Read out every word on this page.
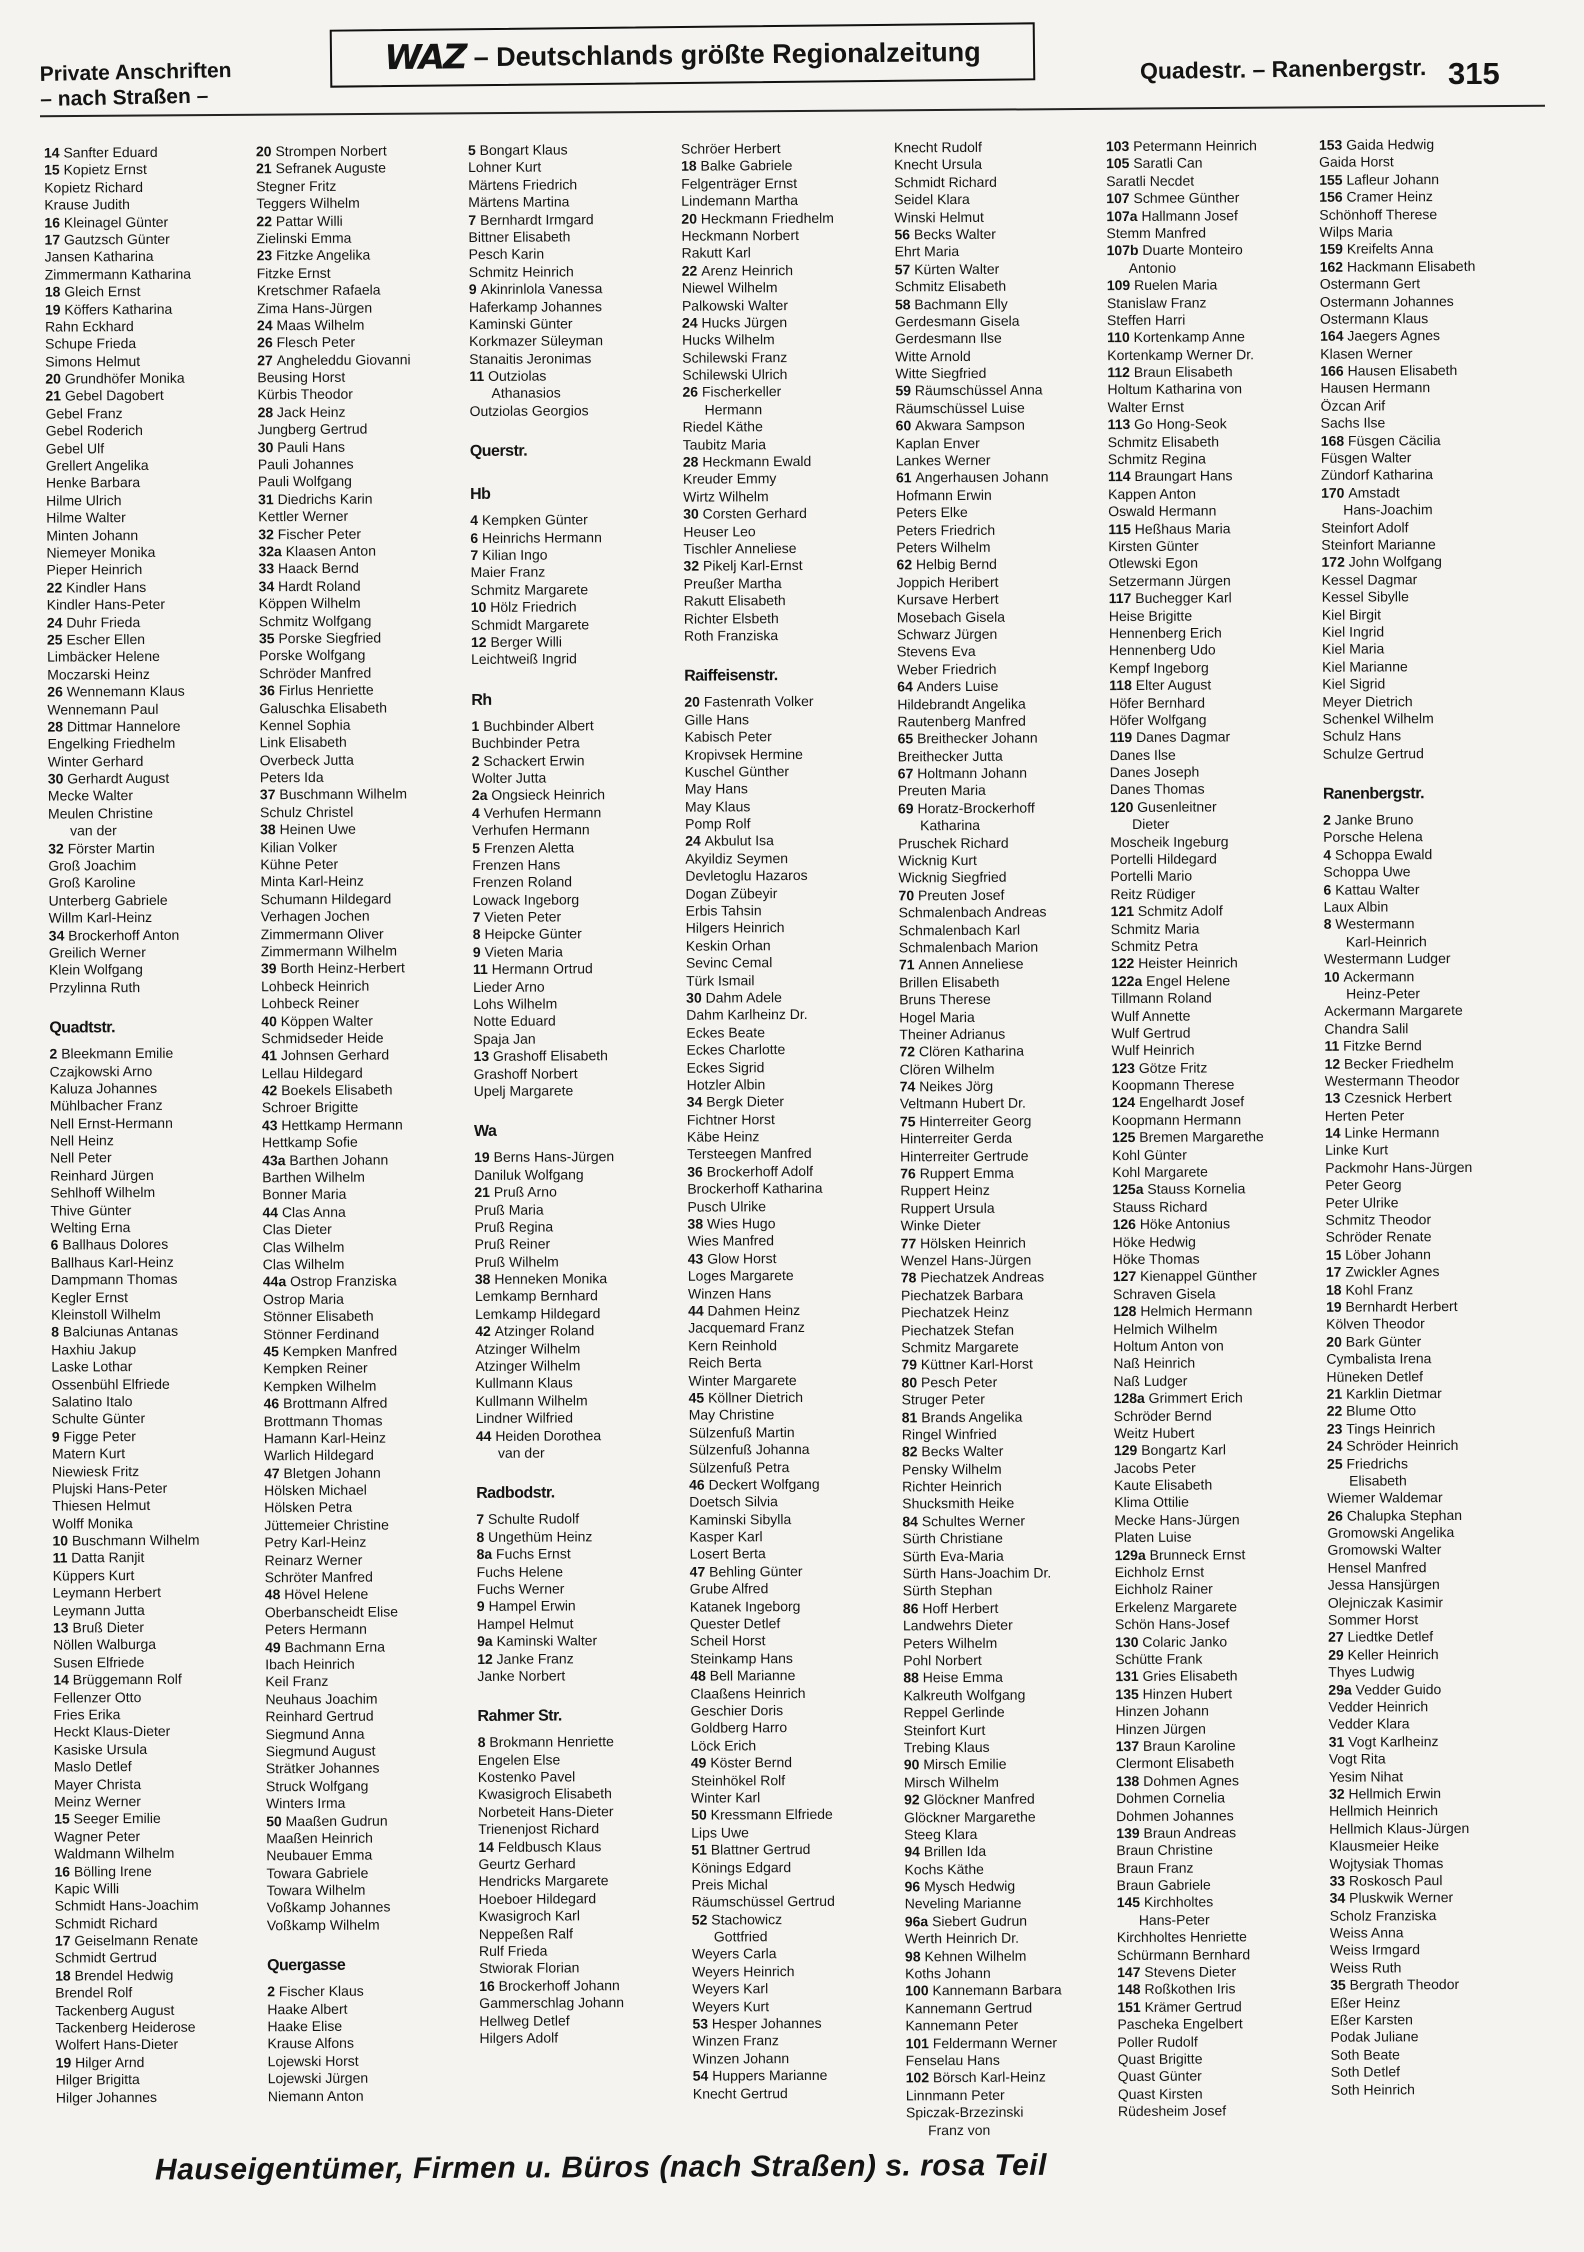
Private Anschriften
– nach Straßen –
WAZ – Deutschlands größte Regionalzeitung	Quadestr. – Ranenbergstr. 315
14 Sanfter Eduard
15 Kopietz Ernst
Kopietz Richard
Krause Judith
16 Kleinagel Günter
17 Gautzsch Günter
Jansen Katharina
Zimmermann Katharina
18 Gleich Ernst
19 Köffers Katharina
Rahn Eckhard
Schupe Frieda
Simons Helmut
20 Grundhöfer Monika
21 Gebel Dagobert
Gebel Franz
Gebel Roderich
Gebel Ulf
Grellert Angelika
Henke Barbara
Hilme Ulrich
Hilme Walter
Minten Johann
Niemeyer Monika
Pieper Heinrich
22 Kindler Hans
Kindler Hans-Peter
24 Duhr Frieda
25 Escher Ellen
Limbäcker Helene
Moczarski Heinz
26 Wennemann Klaus
Wennemann Paul
28 Dittmar Hannelore
Engelking Friedhelm
Winter Gerhard
30 Gerhardt August
Mecke Walter
Meulen Christine
van der
32 Förster Martin
Groß Joachim
Groß Karoline
Unterberg Gabriele
Willm Karl-Heinz
34 Brockerhoff Anton
Greilich Werner
Klein Wolfgang
Przylinna Ruth
Quadtstr.
2 Bleekmann Emilie
Czajkowski Arno
Kaluza Johannes
Mühlbacher Franz
Nell Ernst-Hermann
Nell Heinz
Nell Peter
Reinhard Jürgen
Sehlhoff Wilhelm
Thive Günter
Welting Erna
6 Ballhaus Dolores
Ballhaus Karl-Heinz
Dampmann Thomas
Kegler Ernst
Kleinstoll Wilhelm
8 Balciunas Antanas
Haxhiu Jakup
Laske Lothar
Ossenbühl Elfriede
Salatino Italo
Schulte Günter
9 Figge Peter
Matern Kurt
Niewiesk Fritz
Plujski Hans-Peter
Thiesen Helmut
Wolff Monika
10 Buschmann Wilhelm
11 Datta Ranjit
Küppers Kurt
Leymann Herbert
Leymann Jutta
13 Bruß Dieter
Nöllen Walburga
Susen Elfriede
14 Brüggemann Rolf
Fellenzer Otto
Fries Erika
Heckt Klaus-Dieter
Kasiske Ursula
Maslo Detlef
Mayer Christa
Meinz Werner
15 Seeger Emilie
Wagner Peter
Waldmann Wilhelm
16 Bölling Irene
Kapic Willi
Schmidt Hans-Joachim
Schmidt Richard
17 Geiselmann Renate
Schmidt Gertrud
18 Brendel Hedwig
Brendel Rolf
Tackenberg August
Tackenberg Heiderose
Wolfert Hans-Dieter
19 Hilger Arnd
Hilger Brigitta
Hilger Johannes
20 Strompen Norbert
21 Sefranek Auguste
Stegner Fritz
Teggers Wilhelm
22 Pattar Willi
Zielinski Emma
23 Fitzke Angelika
Fitzke Ernst
Kretschmer Rafaela
Zima Hans-Jürgen
24 Maas Wilhelm
26 Flesch Peter
27 Angheleddu Giovanni
Beusing Horst
Kürbis Theodor
28 Jack Heinz
Jungberg Gertrud
30 Pauli Hans
Pauli Johannes
Pauli Wolfgang
31 Diedrichs Karin
Kettler Werner
32 Fischer Peter
32a Klaasen Anton
33 Haack Bernd
34 Hardt Roland
Köppen Wilhelm
Schmitz Wolfgang
35 Porske Siegfried
Porske Wolfgang
Schröder Manfred
36 Firlus Henriette
Galuschka Elisabeth
Kennel Sophia
Link Elisabeth
Overbeck Jutta
Peters Ida
37 Buschmann Wilhelm
Schulz Christel
38 Heinen Uwe
Kilian Volker
Kühne Peter
Minta Karl-Heinz
Schumann Hildegard
Verhagen Jochen
Zimmermann Oliver
Zimmermann Wilhelm
39 Borth Heinz-Herbert
Lohbeck Heinrich
Lohbeck Reiner
40 Köppen Walter
Schmidseder Heide
41 Johnsen Gerhard
Lellau Hildegard
42 Boekels Elisabeth
Schroer Brigitte
43 Hettkamp Hermann
Hettkamp Sofie
43a Barthen Johann
Barthen Wilhelm
Bonner Maria
44 Clas Anna
Clas Dieter
Clas Wilhelm
Clas Wilhelm
44a Ostrop Franziska
Ostrop Maria
Stönner Elisabeth
Stönner Ferdinand
45 Kempken Manfred
Kempken Reiner
Kempken Wilhelm
46 Brottmann Alfred
Brottmann Thomas
Hamann Karl-Heinz
Warlich Hildegard
47 Bletgen Johann
Hölsken Michael
Hölsken Petra
Jüttemeier Christine
Petry Karl-Heinz
Reinarz Werner
Schröter Manfred
48 Hövel Helene
Oberbanscheidt Elise
Peters Hermann
49 Bachmann Erna
Ibach Heinrich
Keil Franz
Neuhaus Joachim
Reinhard Gertrud
Siegmund Anna
Siegmund August
Strätker Johannes
Struck Wolfgang
Winters Irma
50 Maaßen Gudrun
Maaßen Heinrich
Neubauer Emma
Towara Gabriele
Towara Wilhelm
Voßkamp Johannes
Voßkamp Wilhelm
Quergasse
2 Fischer Klaus
Haake Albert
Haake Elise
Krause Alfons
Lojewski Horst
Lojewski Jürgen
Niemann Anton
5 Bongart Klaus
Lohner Kurt
Märtens Friedrich
Märtens Martina
7 Bernhardt Irmgard
Bittner Elisabeth
Pesch Karin
Schmitz Heinrich
9 Akinrinlola Vanessa
Haferkamp Johannes
Kaminski Günter
Korkmazer Süleyman
Stanaitis Jeronimas
11 Outziolas
Athanasios
Outziolas Georgios
Querstr.
Hb
4 Kempken Günter
6 Heinrichs Hermann
7 Kilian Ingo
Maier Franz
Schmitz Margarete
10 Hölz Friedrich
Schmidt Margarete
12 Berger Willi
Leichtweiß Ingrid
Rh
1 Buchbinder Albert
Buchbinder Petra
2 Schackert Erwin
Wolter Jutta
2a Ongsieck Heinrich
4 Verhufen Hermann
Verhufen Hermann
5 Frenzen Aletta
Frenzen Hans
Frenzen Roland
Lowack Ingeborg
7 Vieten Peter
8 Heipcke Günter
9 Vieten Maria
11 Hermann Ortrud
Lieder Arno
Lohs Wilhelm
Notte Eduard
Spaja Jan
13 Grashoff Elisabeth
Grashoff Norbert
Upelj Margarete
Wa
19 Berns Hans-Jürgen
Daniluk Wolfgang
21 Pruß Arno
Pruß Maria
Pruß Regina
Pruß Reiner
Pruß Wilhelm
38 Henneken Monika
Lemkamp Bernhard
Lemkamp Hildegard
42 Atzinger Roland
Atzinger Wilhelm
Atzinger Wilhelm
Kullmann Klaus
Kullmann Wilhelm
Lindner Wilfried
44 Heiden Dorothea
van der
Radbodstr.
7 Schulte Rudolf
8 Ungethüm Heinz
8a Fuchs Ernst
Fuchs Helene
Fuchs Werner
9 Hampel Erwin
Hampel Helmut
9a Kaminski Walter
12 Janke Franz
Janke Norbert
Rahmer Str.
8 Brokmann Henriette
Engelen Else
Kostenko Pavel
Kwasigroch Elisabeth
Norbeteit Hans-Dieter
Trienenjost Richard
14 Feldbusch Klaus
Geurtz Gerhard
Hendricks Margarete
Hoeboer Hildegard
Kwasigroch Karl
Neppeßen Ralf
Rulf Frieda
Stwiorak Florian
16 Brockerhoff Johann
Gammerschlag Johann
Hellweg Detlef
Hilgers Adolf
Schröer Herbert
18 Balke Gabriele
Felgenträger Ernst
Lindemann Martha
20 Heckmann Friedhelm
Heckmann Norbert
Rakutt Karl
22 Arenz Heinrich
Niewel Wilhelm
Palkowski Walter
24 Hucks Jürgen
Hucks Wilhelm
Schilewski Franz
Schilewski Ulrich
26 Fischerkeller
Hermann
Riedel Käthe
Taubitz Maria
28 Heckmann Ewald
Kreuder Emmy
Wirtz Wilhelm
30 Corsten Gerhard
Heuser Leo
Tischler Anneliese
32 Pikelj Karl-Ernst
Preußer Martha
Rakutt Elisabeth
Richter Elsbeth
Roth Franziska
Raiffeisenstr.
20 Fastenrath Volker
Gille Hans
Kabisch Peter
Kropivsek Hermine
Kuschel Günther
May Hans
May Klaus
Pomp Rolf
24 Akbulut Isa
Akyildiz Seymen
Devletoglu Hazaros
Dogan Zübeyir
Erbis Tahsin
Hilgers Heinrich
Keskin Orhan
Sevinc Cemal
Türk Ismail
30 Dahm Adele
Dahm Karlheinz Dr.
Eckes Beate
Eckes Charlotte
Eckes Sigrid
Hotzler Albin
34 Bergk Dieter
Fichtner Horst
Käbe Heinz
Tersteegen Manfred
36 Brockerhoff Adolf
Brockerhoff Katharina
Pusch Ulrike
38 Wies Hugo
Wies Manfred
43 Glow Horst
Loges Margarete
Winzen Hans
44 Dahmen Heinz
Jacquemard Franz
Kern Reinhold
Reich Berta
Winter Margarete
45 Köllner Dietrich
May Christine
Sülzenfuß Martin
Sülzenfuß Johanna
Sülzenfuß Petra
46 Deckert Wolfgang
Doetsch Silvia
Kaminski Sibylla
Kasper Karl
Losert Berta
47 Behling Günter
Grube Alfred
Katanek Ingeborg
Quester Detlef
Scheil Horst
Steinkamp Hans
48 Bell Marianne
Claaßens Heinrich
Geschier Doris
Goldberg Harro
Löck Erich
49 Köster Bernd
Steinhökel Rolf
Winter Karl
50 Kressmann Elfriede
Lips Uwe
51 Blattner Gertrud
Könings Edgard
Preis Michal
Räumschüssel Gertrud
52 Stachowicz
Gottfried
Weyers Carla
Weyers Heinrich
Weyers Karl
Weyers Kurt
53 Hesper Johannes
Winzen Franz
Winzen Johann
54 Huppers Marianne
Knecht Gertrud
Knecht Rudolf
Knecht Ursula
Schmidt Richard
Seidel Klara
Winski Helmut
56 Becks Walter
Ehrt Maria
57 Kürten Walter
Schmitz Elisabeth
58 Bachmann Elly
Gerdesmann Gisela
Gerdesmann Ilse
Witte Arnold
Witte Siegfried
59 Räumschüssel Anna
Räumschüssel Luise
60 Akwara Sampson
Kaplan Enver
Lankes Werner
61 Angerhausen Johann
Hofmann Erwin
Peters Elke
Peters Friedrich
Peters Wilhelm
62 Helbig Bernd
Joppich Heribert
Kursave Herbert
Mosebach Gisela
Schwarz Jürgen
Stevens Eva
Weber Friedrich
64 Anders Luise
Hildebrandt Angelika
Rautenberg Manfred
65 Breithecker Johann
Breithecker Jutta
67 Holtmann Johann
Preuten Maria
69 Horatz-Brockerhoff
Katharina
Pruschek Richard
Wicknig Kurt
Wicknig Siegfried
70 Preuten Josef
Schmalenbach Andreas
Schmalenbach Karl
Schmalenbach Marion
71 Annen Anneliese
Brillen Elisabeth
Bruns Therese
Hogel Maria
Theiner Adrianus
72 Clören Katharina
Clören Wilhelm
74 Neikes Jörg
Veltmann Hubert Dr.
75 Hinterreiter Georg
Hinterreiter Gerda
Hinterreiter Gertrude
76 Ruppert Emma
Ruppert Heinz
Ruppert Ursula
Winke Dieter
77 Hölsken Heinrich
Wenzel Hans-Jürgen
78 Piechatzek Andreas
Piechatzek Barbara
Piechatzek Heinz
Piechatzek Stefan
Schmitz Margarete
79 Küttner Karl-Horst
80 Pesch Peter
Struger Peter
81 Brands Angelika
Ringel Winfried
82 Becks Walter
Pensky Wilhelm
Richter Heinrich
Shucksmith Heike
84 Schultes Werner
Sürth Christiane
Sürth Eva-Maria
Sürth Hans-Joachim Dr.
Sürth Stephan
86 Hoff Herbert
Landwehrs Dieter
Peters Wilhelm
Pohl Norbert
88 Heise Emma
Kalkreuth Wolfgang
Reppel Gerlinde
Steinfort Kurt
Trebing Klaus
90 Mirsch Emilie
Mirsch Wilhelm
92 Glöckner Manfred
Glöckner Margarethe
Steeg Klara
94 Brillen Ida
Kochs Käthe
96 Mysch Hedwig
Neveling Marianne
96a Siebert Gudrun
Werth Heinrich Dr.
98 Kehnen Wilhelm
Koths Johann
100 Kannemann Barbara
Kannemann Gertrud
Kannemann Peter
101 Feldermann Werner
Fenselau Hans
102 Börsch Karl-Heinz
Linnmann Peter
Spiczak-Brzezinski
Franz von
103 Petermann Heinrich
105 Saratli Can
Saratli Necdet
107 Schmee Günther
107a Hallmann Josef
Stemm Manfred
107b Duarte Monteiro
Antonio
109 Ruelen Maria
Stanislaw Franz
Steffen Harri
110 Kortenkamp Anne
Kortenkamp Werner Dr.
112 Braun Elisabeth
Holtum Katharina von
Walter Ernst
113 Go Hong-Seok
Schmitz Elisabeth
Schmitz Regina
114 Braungart Hans
Kappen Anton
Oswald Hermann
115 Heßhaus Maria
Kirsten Günter
Otlewski Egon
Setzermann Jürgen
117 Buchegger Karl
Heise Brigitte
Hennenberg Erich
Hennenberg Udo
Kempf Ingeborg
118 Elter August
Höfer Bernhard
Höfer Wolfgang
119 Danes Dagmar
Danes Ilse
Danes Joseph
Danes Thomas
120 Gusenleitner
Dieter
Moscheik Ingeburg
Portelli Hildegard
Portelli Mario
Reitz Rüdiger
121 Schmitz Adolf
Schmitz Maria
Schmitz Petra
122 Heister Heinrich
122a Engel Helene
Tillmann Roland
Wulf Annette
Wulf Gertrud
Wulf Heinrich
123 Götze Fritz
Koopmann Therese
124 Engelhardt Josef
Koopmann Hermann
125 Bremen Margarethe
Kohl Günter
Kohl Margarete
125a Stauss Kornelia
Stauss Richard
126 Höke Antonius
Höke Hedwig
Höke Thomas
127 Kienappel Günther
Schraven Gisela
128 Helmich Hermann
Helmich Wilhelm
Holtum Anton von
Naß Heinrich
Naß Ludger
128a Grimmert Erich
Schröder Bernd
Weitz Hubert
129 Bongartz Karl
Jacobs Peter
Kaute Elisabeth
Klima Ottilie
Mecke Hans-Jürgen
Platen Luise
129a Brunneck Ernst
Eichholz Ernst
Eichholz Rainer
Erkelenz Margarete
Schön Hans-Josef
130 Colaric Janko
Schütte Frank
131 Gries Elisabeth
135 Hinzen Hubert
Hinzen Johann
Hinzen Jürgen
137 Braun Karoline
Clermont Elisabeth
138 Dohmen Agnes
Dohmen Cornelia
Dohmen Johannes
139 Braun Andreas
Braun Christine
Braun Franz
Braun Gabriele
145 Kirchholtes
Hans-Peter
Kirchholtes Henriette
Schürmann Bernhard
147 Stevens Dieter
148 Roßkothen Iris
151 Krämer Gertrud
Pascheka Engelbert
Poller Rudolf
Quast Brigitte
Quast Günter
Quast Kirsten
Rüdesheim Josef
153 Gaida Hedwig
Gaida Horst
155 Lafleur Johann
156 Cramer Heinz
Schönhoff Therese
Wilps Maria
159 Kreifelts Anna
162 Hackmann Elisabeth
Ostermann Gert
Ostermann Johannes
Ostermann Klaus
164 Jaegers Agnes
Klasen Werner
166 Hausen Elisabeth
Hausen Hermann
Özcan Arif
Sachs Ilse
168 Füsgen Cäcilia
Füsgen Walter
Zündorf Katharina
170 Amstadt
Hans-Joachim
Steinfort Adolf
Steinfort Marianne
172 John Wolfgang
Kessel Dagmar
Kessel Sibylle
Kiel Birgit
Kiel Ingrid
Kiel Maria
Kiel Marianne
Kiel Sigrid
Meyer Dietrich
Schenkel Wilhelm
Schulz Hans
Schulze Gertrud
Ranenbergstr.
2 Janke Bruno
Porsche Helena
4 Schoppa Ewald
Schoppa Uwe
6 Kattau Walter
Laux Albin
8 Westermann
Karl-Heinrich
Westermann Ludger
10 Ackermann
Heinz-Peter
Ackermann Margarete
Chandra Salil
11 Fitzke Bernd
12 Becker Friedhelm
Westermann Theodor
13 Czesnick Herbert
Herten Peter
14 Linke Hermann
Linke Kurt
Packmohr Hans-Jürgen
Peter Georg
Peter Ulrike
Schmitz Theodor
Schröder Renate
15 Löber Johann
17 Zwickler Agnes
18 Kohl Franz
19 Bernhardt Herbert
Kölven Theodor
20 Bark Günter
Cymbalista Irena
Hüneken Detlef
21 Karklin Dietmar
22 Blume Otto
23 Tings Heinrich
24 Schröder Heinrich
25 Friedrichs
Elisabeth
Wiemer Waldemar
26 Chalupka Stephan
Gromowski Angelika
Gromowski Walter
Hensel Manfred
Jessa Hansjürgen
Olejniczak Kasimir
Sommer Horst
27 Liedtke Detlef
29 Keller Heinrich
Thyes Ludwig
29a Vedder Guido
Vedder Heinrich
Vedder Klara
31 Vogt Karlheinz
Vogt Rita
Yesim Nihat
32 Hellmich Erwin
Hellmich Heinrich
Hellmich Klaus-Jürgen
Klausmeier Heike
Wojtysiak Thomas
33 Roskosch Paul
34 Pluskwik Werner
Scholz Franziska
Weiss Anna
Weiss Irmgard
Weiss Ruth
35 Bergrath Theodor
Eßer Heinz
Eßer Karsten
Podak Juliane
Soth Beate
Soth Detlef
Soth Heinrich
Hauseigentümer, Firmen u. Büros (nach Straßen) s. rosa Teil
